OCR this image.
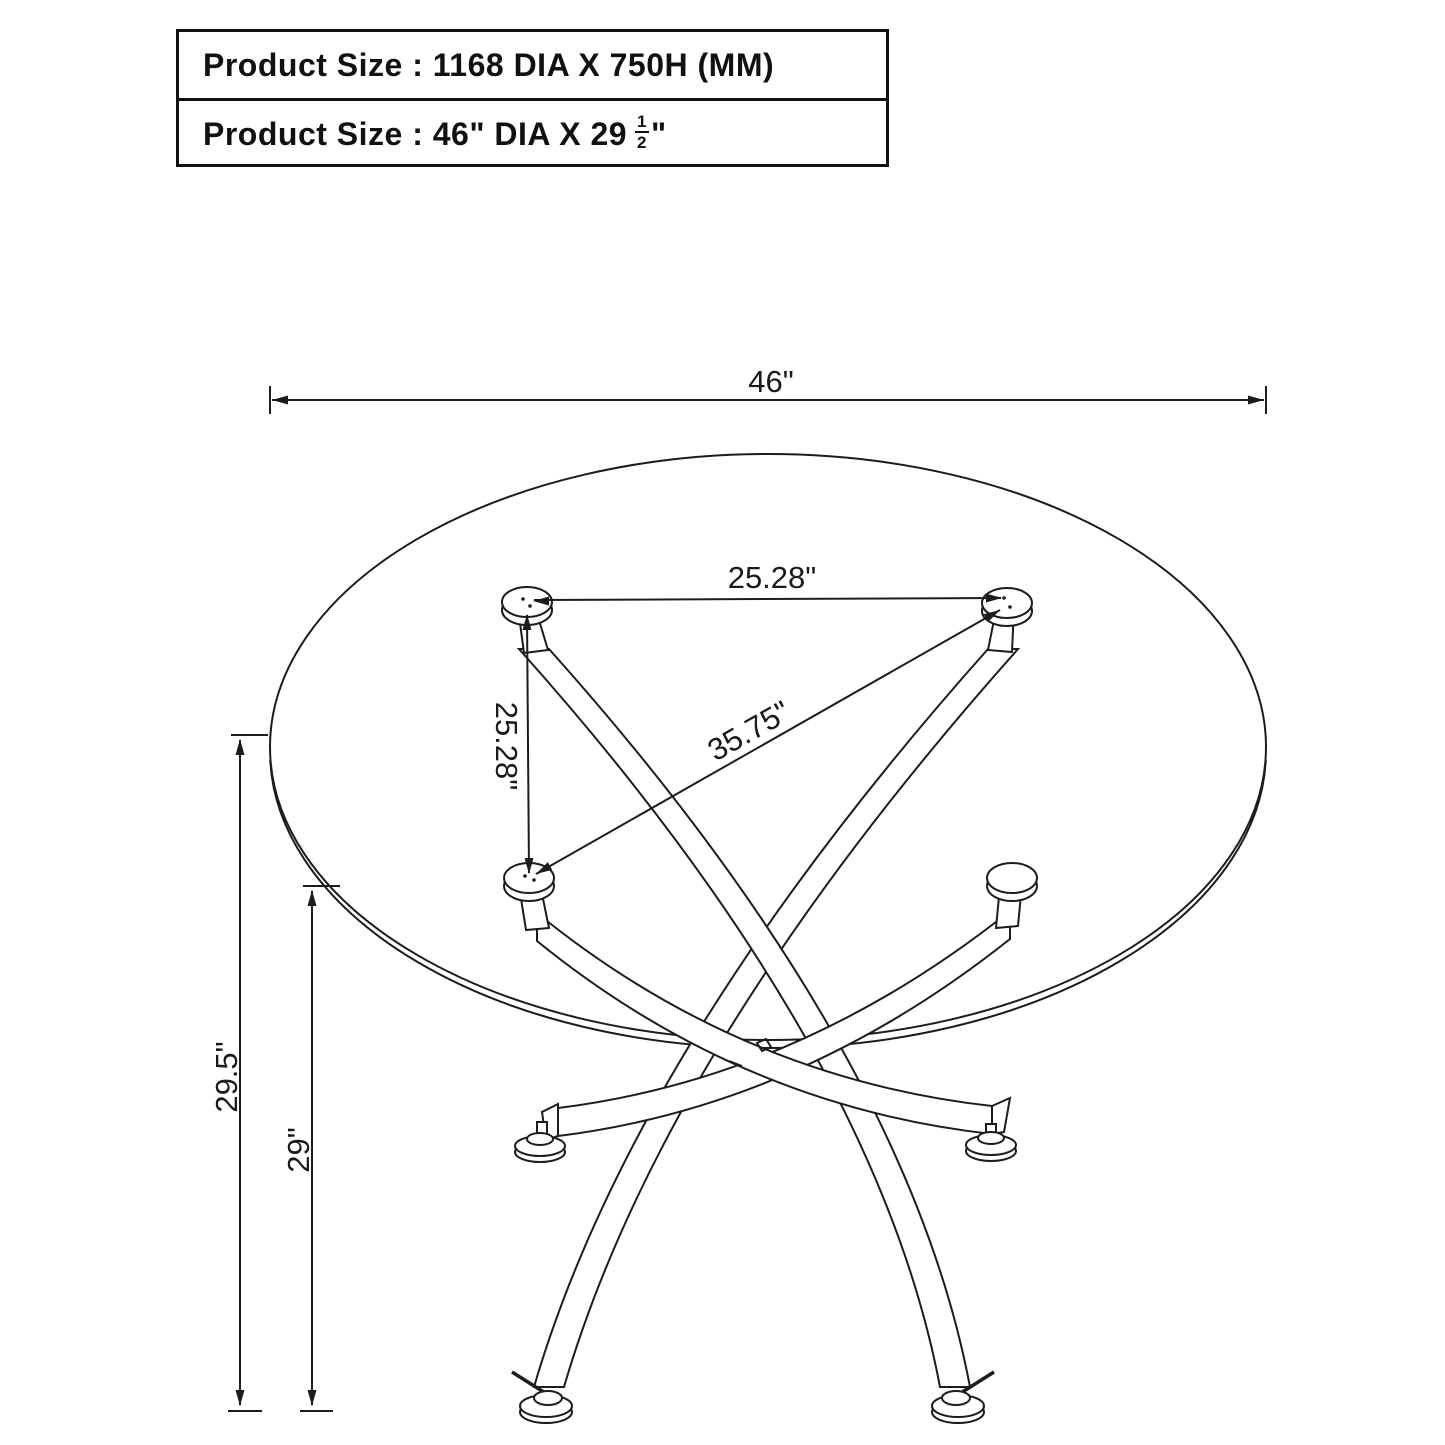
46"
25.28"
25.28"	35.75"
29.5"
29"
Product Size : 1168 DIA X 750H (MM)
Product Size : 46" DIA X $29 \frac{1}{2}$ "
